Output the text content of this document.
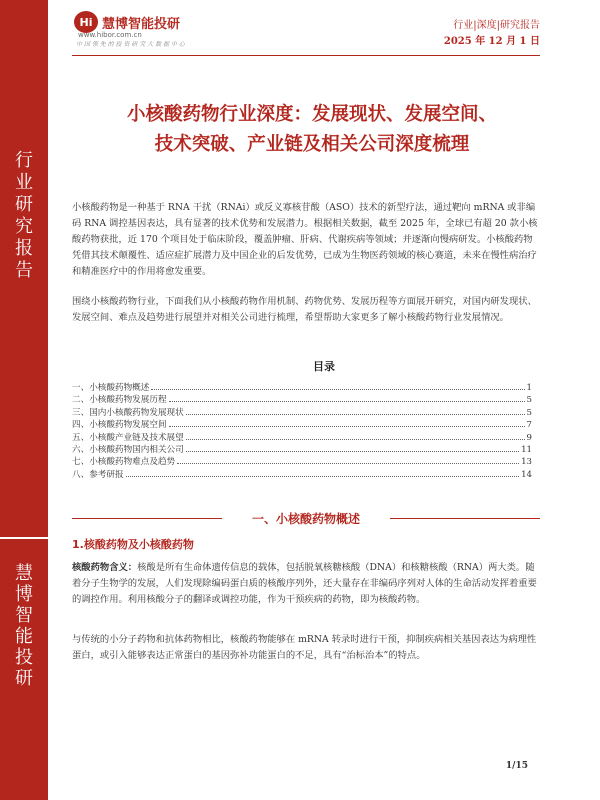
行
业
研
究
报
告
慧
博
智
能
投
研
Hi 慧博智能投研
www.hibor.com.cn
中 国 领 先 的 投 资 研 究 大 数 据 中 心
行业|深度|研究报告
2025 年 12 月 1 日
小核酸药物行业深度：发展现状、发展空间、
技术突破、产业链及相关公司深度梳理
小核酸药物是一种基于 RNA 干扰（RNAi）或反义寡核苷酸（ASO）技术的新型疗法，通过靶向 mRNA 或非编码 RNA 调控基因表达，具有显著的技术优势和发展潜力。根据相关数据，截至 2025 年，全球已有超 20 款小核酸药物获批，近 170 个项目处于临床阶段，覆盖肿瘤、肝病、代谢疾病等领域；并逐渐向慢病研发。小核酸药物凭借其技术颠覆性、适应症扩展潜力及中国企业的后发优势，已成为生物医药领域的核心赛道，未来在慢性病治疗和精准医疗中的作用将愈发重要。
围绕小核酸药物行业，下面我们从小核酸药物作用机制、药物优势、发展历程等方面展开研究，对国内研发现状、发展空间、难点及趋势进行展望并对相关公司进行梳理，希望帮助大家更多了解小核酸药物行业发展情况。
目录
一、小核酸药物概述	1
二、小核酸药物发展历程	5
三、国内小核酸药物发展现状	5
四、小核酸药物发展空间	7
五、小核酸产业链及技术展望	9
六、小核酸药物国内相关公司	11
七、小核酸药物难点及趋势	13
八、参考研报	14
一、小核酸药物概述
1.核酸药物及小核酸药物
核酸药物含义：核酸是所有生命体遗传信息的载体，包括脱氧核糖核酸（DNA）和核糖核酸（RNA）两大类。随着分子生物学的发展，人们发现除编码蛋白质的核酸序列外，还大量存在非编码序列对人体的生命活动发挥着重要的调控作用。利用核酸分子的翻译或调控功能，作为干预疾病的药物，即为核酸药物。
与传统的小分子药物和抗体药物相比，核酸药物能够在 mRNA 转录时进行干预，抑制疾病相关基因表达为病理性蛋白，或引入能够表达正常蛋白的基因弥补功能蛋白的不足，具有“治标治本”的特点。
1/15
